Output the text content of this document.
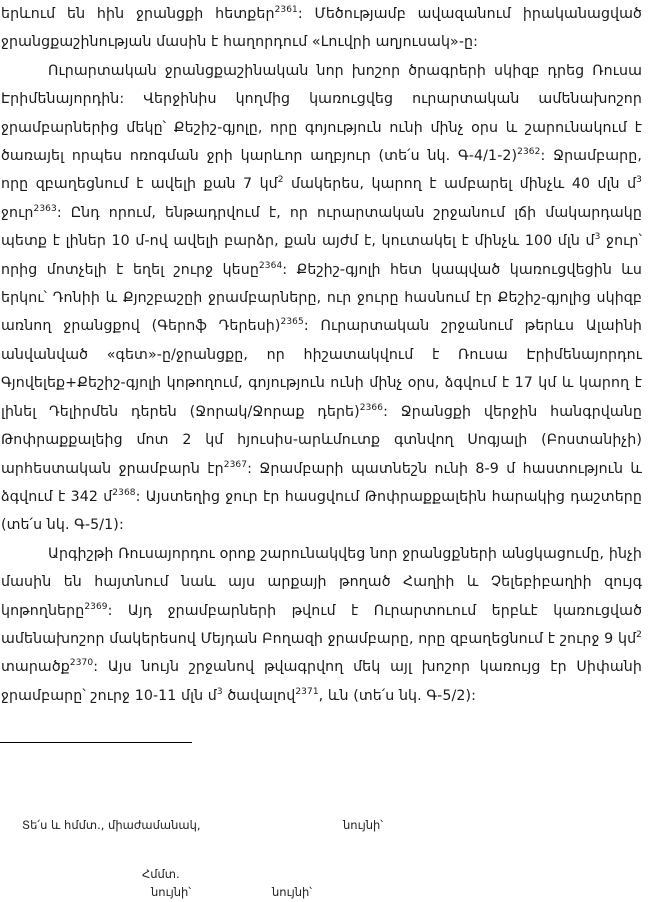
երևում են հին ջրանցքի հետքեր$^{2361}$: Մեծությամբ ավազանում իրականացված ջրանցքաշինության մասին է հաղորդում «Լուվրի աղյուսակ»-ը:

Ուրարտական ջրանցքաշինական նոր խոշոր ծրագրերի սկիզբ դրեց Ռուսա Էրիմենայորդին: Վերջինիս կողմից կառուցվեց ուրարտական ամենախոշոր ջրամբարներից մեկը՝ Քեշիշ-գյոլը, որը գոյություն ունի մինչ օրս և շարունակում է ծառայել որպես ոռոգման ջրի կարևոր աղբյուր (տե՛ս նկ. Գ-4/1-2)$^{2362}$: Ջրամբարը, որը զբաղեցնում է ավելի քան 7 կմ$^2$ մակերես, կարող է ամբարել մինչև 40 մլն մ$^3$ ջուր$^{2363}$: Ընդ որում, ենթադրվում է, որ ուրարտական շրջանում լճի մակարդակը պետք է լիներ 10 մ-ով ավելի բարձր, քան այժմ է, կուտակել է մինչև 100 մլն մ$^3$ ջուր՝ որից մոտչելի է եղել շուրջ կեսը$^{2364}$: Քեշիշ-գյոլի հետ կապված կառուցվեցին ևս երկու՝ Դոնիի և Քյոշբաշըի ջրամբարները, ուր ջուրը հասնում էր Քեշիշ-գյոլից սկիզբ առնող ջրանցքով (Գերոֆ Դերեսի)$^{2365}$: Ուրարտական շրջանում թերևս Ալաինի անվանված «գետ»-ը/ջրանցքը, որ հիշատակվում է Ռուսա Էրիմենայորդու Գյովելեք+Քեշիշ-գյոլի կոթողում, գոյություն ունի մինչ օրս, ձգվում է 17 կմ և կարող է լինել Դելիրմեն դերեն (Ջորակ/Ջորաք դերե)$^{2366}$: Ջրանցքի վերջին հանգրվանը Թոփրաքքալեից մոտ 2 կմ հյուսիս-արևմուտք գտնվող Սոգյալի (Բոստանիչի) արհեստական ջրամբարն էր$^{2367}$: Ջրամբարի պատնեշն ունի 8-9 մ հաստություն և ձգվում է 342 մ$^{2368}$: Այստեղից ջուր էր հասցվում Թոփրաքքալեին հարակից դաշտերը (տե՛ս նկ. Գ-5/1):

Արգիշթի Ռուսայորդու օրոք շարունակվեց նոր ջրանցքների անցկացումը, ինչի մասին են հայտնում նաև այս արքայի թողած Հաղիի և Չելեբիբաղիի զույգ կոթողները$^{2369}$: Այդ ջրամբարների թվում է Ուրարտուում երբևէ կառուցված ամենախոշոր մակերեսով Մեյդան Բողազի ջրամբարը, որը զբաղեցնում է շուրջ 9 կմ$^2$ տարածք$^{2370}$: Այս նույն շրջանով թվագրվող մեկ այլ խոշոր կառույց էր Սիփանի ջրամբարը՝ շուրջ 10-11 մլն մ$^3$ ծավալով$^{2371}$, ևն (տե՛ս նկ. Գ-5/2):

Տե՛ս և հմմտ., միաժամանակ,	նույնի՝
Հմմտ.
նույնի՝	նույնի՝
